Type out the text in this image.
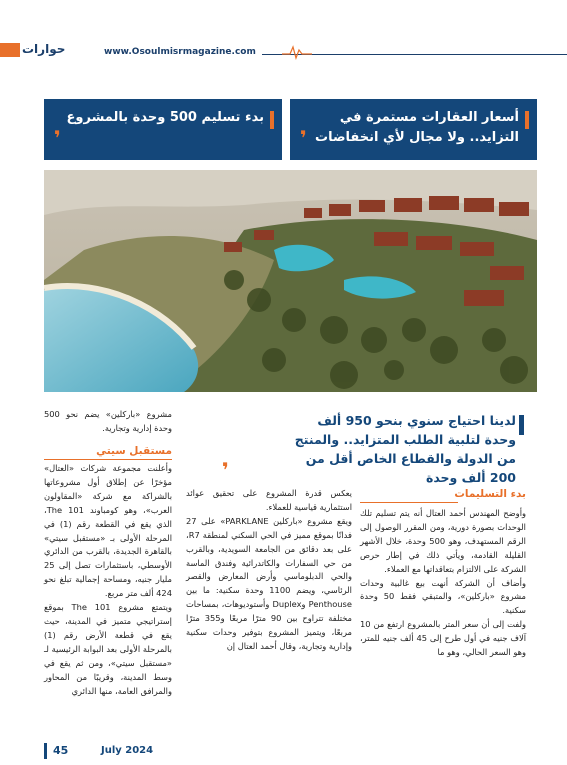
حوارات	www.Osoulmisrmagazine.com
أسعار العقارات مستمرة في التزايد.. ولا مجال لأي انخفاضات
❜
بدء تسليم 500 وحدة بالمشروع
❜
لدينا احتياج سنوي بنحو 950 ألف وحدة لتلبية الطلب المتزايد.. والمنتج من الدولة والقطاع الخاص أقل من 200 ألف وحدة
❜
بدء التسليمات

وأوضح المهندس أحمد العتال أنه يتم تسليم تلك الوحدات بصورة دورية، ومن المقرر الوصول إلى الرقم المستهدف، وهو 500 وحدة، خلال الأشهر القليلة القادمة، ويأتي ذلك في إطار حرص الشركة على الالتزام بتعاقداتها مع العملاء.

وأضاف أن الشركة أنهت بيع غالبية وحدات مشروع «باركلين»، والمتبقي فقط 50 وحدة سكنية.

ولفت إلى أن سعر المتر بالمشروع ارتفع من 10 آلاف جنيه في أول طرح إلى 45 ألف جنيه للمتر، وهو السعر الحالي، وهو ما

يعكس قدرة المشروع على تحقيق عوائد استثمارية قياسية للعملاء.

ويقع مشروع «باركلين PARKLANE» على 27 فدانًا بموقع مميز في الحي السكني لمنطقة R7، على بعد دقائق من الجامعة السويدية، وبالقرب من حي السفارات والكاتدرائية وفندق الماسة والحي الدبلوماسي وأرض المعارض والقصر الرئاسي، ويضم 1100 وحدة سكنية: ما بين Penthouse وDuplex وأستوديوهات، بمساحات مختلفة تتراوح بين 90 مترًا مربعًا و355 مترًا مربعًا، ويتميز المشروع بتوفير وحدات سكنية وإدارية وتجارية، وقال أحمد العتال إن

مشروع «باركلين» يضم نحو 500 وحدة إدارية وتجارية.

مستقبل سيتي

وأعلنت مجموعة شركات «العتال» مؤخرًا عن إطلاق أول مشروعاتها بالشراكة مع شركة «المقاولون العرب»، وهو كومباوند The 101، الذي يقع في القطعة رقم (1) في المرحلة الأولى بـ «مستقبل سيتي» بالقاهرة الجديدة، بالقرب من الدائري الأوسطي، باستثمارات تصل إلى 25 مليار جنيه، ومساحة إجمالية تبلغ نحو 424 ألف متر مربع.

ويتمتع مشروع The 101 بموقع إستراتيجي متميز في المدينة، حيث يقع في قطعة الأرض رقم (1) بالمرحلة الأولى بعد البوابة الرئيسية لـ «مستقبل سيتي»، ومن ثم يقع في وسط المدينة، وقريبًا من المحاور والمرافق العامة، منها الدائري

45	July 2024
